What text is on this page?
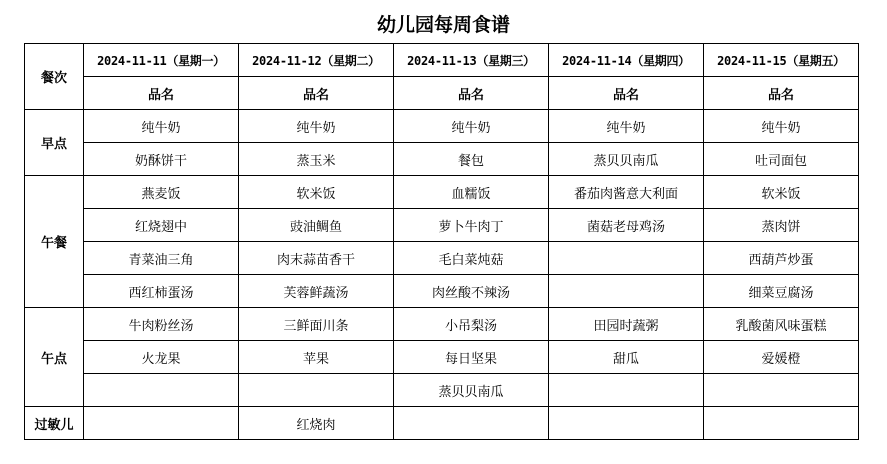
幼儿园每周食谱
餐次	2024-11-11（星期一）	2024-11-12（星期二）	2024-11-13（星期三）	2024-11-14（星期四）	2024-11-15（星期五）
	品名	品名	品名	品名	品名
早点	纯牛奶	纯牛奶	纯牛奶	纯牛奶	纯牛奶
	奶酥饼干	蒸玉米	餐包	蒸贝贝南瓜	吐司面包
午餐	燕麦饭	软米饭	血糯饭	番茄肉酱意大利面	软米饭
	红烧翅中	豉油鲷鱼	萝卜牛肉丁	菌菇老母鸡汤	蒸肉饼
	青菜油三角	肉末蒜苗香干	毛白菜炖菇		西葫芦炒蛋
	西红柿蛋汤	芙蓉鲜蔬汤	肉丝酸不辣汤		细菜豆腐汤
午点	牛肉粉丝汤	三鲜面川条	小吊梨汤	田园时蔬粥	乳酸菌风味蛋糕
	火龙果	苹果	每日坚果	甜瓜	爱媛橙
			蒸贝贝南瓜		
过敏儿		红烧肉			
